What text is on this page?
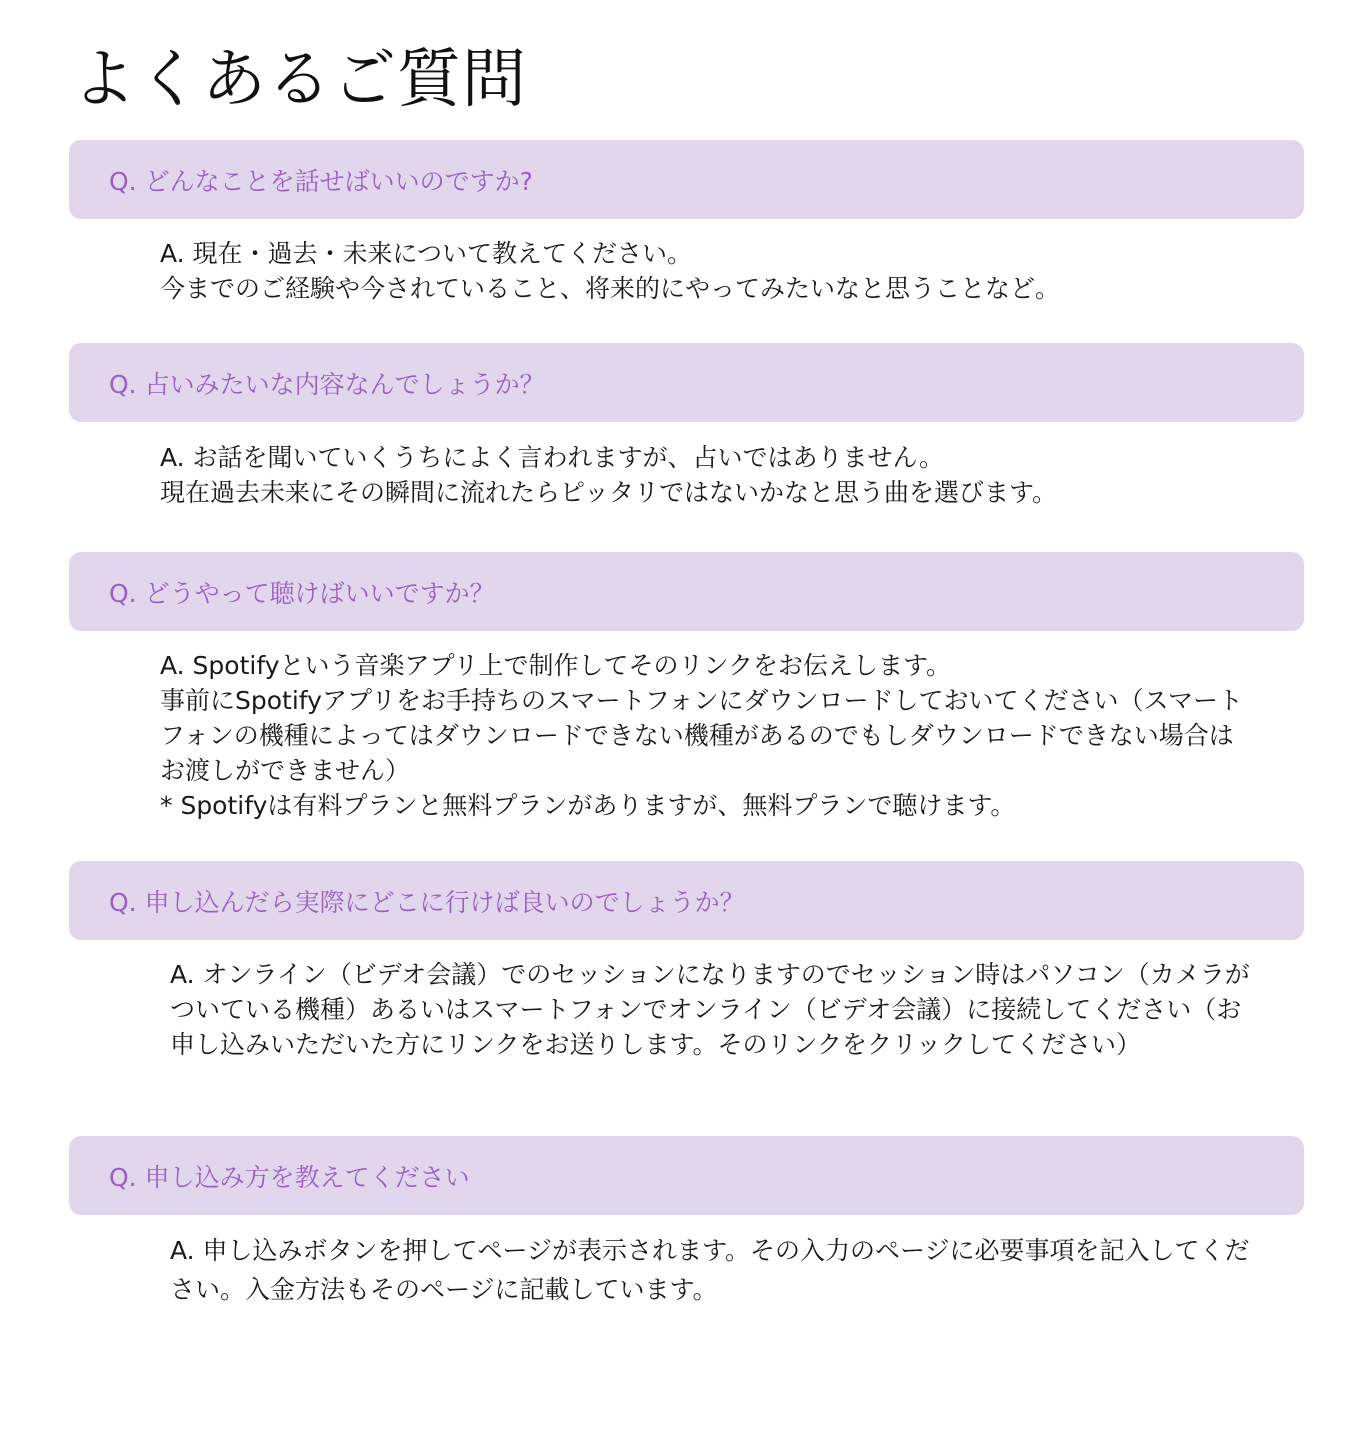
よくあるご質問
Q. どんなことを話せばいいのですか?

A. 現在・過去・未来について教えてください。

今までのご経験や今されていること、将来的にやってみたいなと思うことなど。

Q. 占いみたいな内容なんでしょうか？

A. お話を聞いていくうちによく言われますが、占いではありません。

現在過去未来にその瞬間に流れたらピッタリではないかなと思う曲を選びます。

Q. どうやって聴けばいいですか？

A. Spotifyという音楽アプリ上で制作してそのリンクをお伝えします。

事前にSpotifyアプリをお手持ちのスマートフォンにダウンロードしておいてください（スマートフォンの機種によってはダウンロードできない機種があるのでもしダウンロードできない場合はお渡しができません）

* Spotifyは有料プランと無料プランがありますが、無料プランで聴けます。

Q. 申し込んだら実際にどこに行けば良いのでしょうか？

A. オンライン（ビデオ会議）でのセッションになりますのでセッション時はパソコン（カメラがついている機種）あるいはスマートフォンでオンライン（ビデオ会議）に接続してください（お申し込みいただいた方にリンクをお送りします。そのリンクをクリックしてください）

Q. 申し込み方を教えてください

A. 申し込みボタンを押してページが表示されます。その入力のページに必要事項を記入してください。入金方法もそのページに記載しています。
